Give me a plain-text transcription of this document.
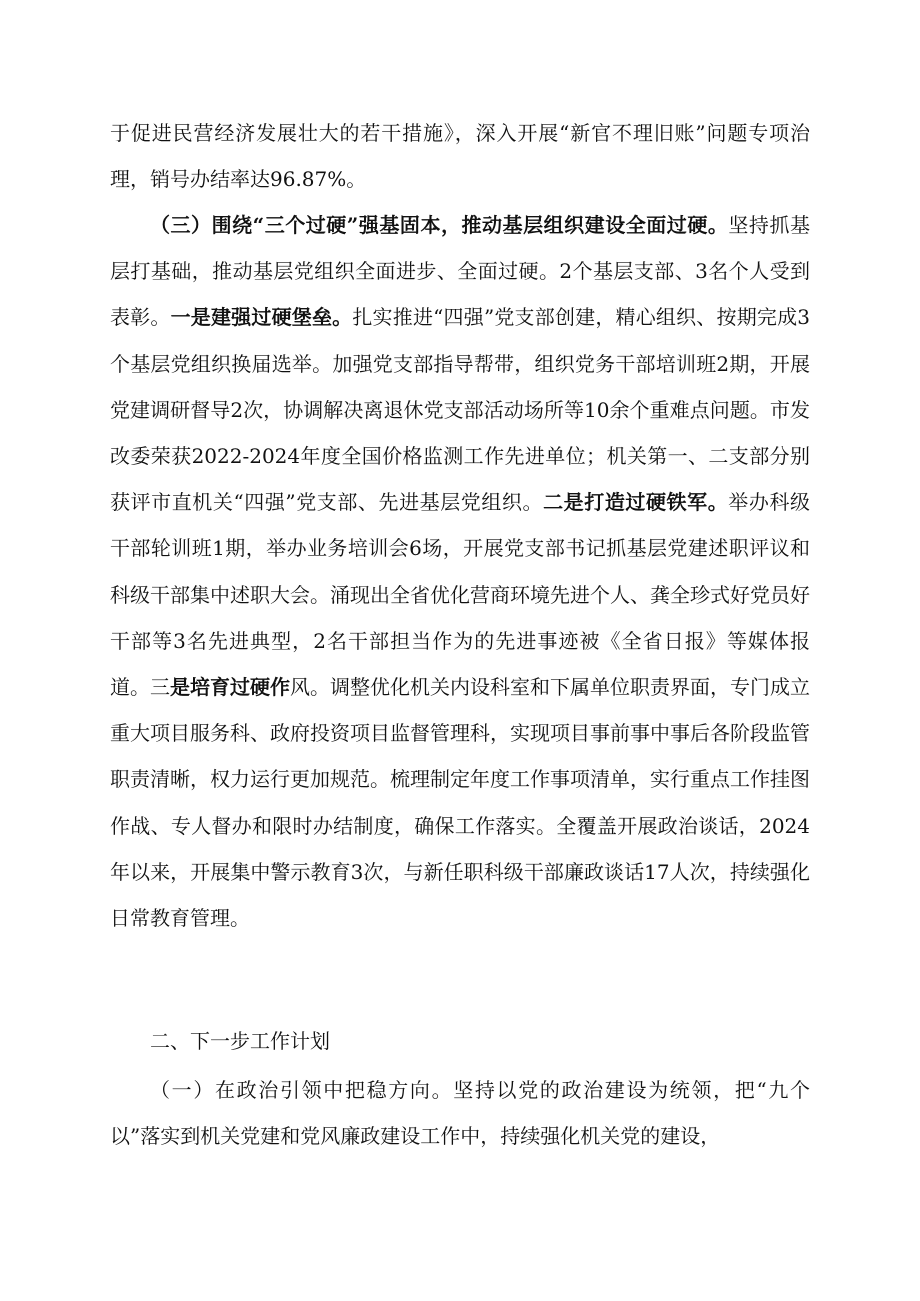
于促进民营经济发展壮大的若干措施》，深入开展“新官不理旧账”问题专项治理，销号办结率达96.87%。

（三）围绕“三个过硬”强基固本，推动基层组织建设全面过硬。坚持抓基层打基础，推动基层党组织全面进步、全面过硬。2个基层支部、3名个人受到表彰。一是建强过硬堡垒。扎实推进“四强”党支部创建，精心组织、按期完成3个基层党组织换届选举。加强党支部指导帮带，组织党务干部培训班2期，开展党建调研督导2次，协调解决离退休党支部活动场所等10余个重难点问题。市发改委荣获2022-2024年度全国价格监测工作先进单位；机关第一、二支部分别获评市直机关“四强”党支部、先进基层党组织。二是打造过硬铁军。举办科级干部轮训班1期，举办业务培训会6场，开展党支部书记抓基层党建述职评议和科级干部集中述职大会。涌现出全省优化营商环境先进个人、龚全珍式好党员好干部等3名先进典型，2名干部担当作为的先进事迹被《全省日报》等媒体报道。三是培育过硬作风。调整优化机关内设科室和下属单位职责界面，专门成立重大项目服务科、政府投资项目监督管理科，实现项目事前事中事后各阶段监管职责清晰，权力运行更加规范。梳理制定年度工作事项清单，实行重点工作挂图作战、专人督办和限时办结制度，确保工作落实。全覆盖开展政治谈话，2024年以来，开展集中警示教育3次，与新任职科级干部廉政谈话17人次，持续强化日常教育管理。

二、下一步工作计划

（一）在政治引领中把稳方向。坚持以党的政治建设为统领，把“九个以”落实到机关党建和党风廉政建设工作中，持续强化机关党的建设，
